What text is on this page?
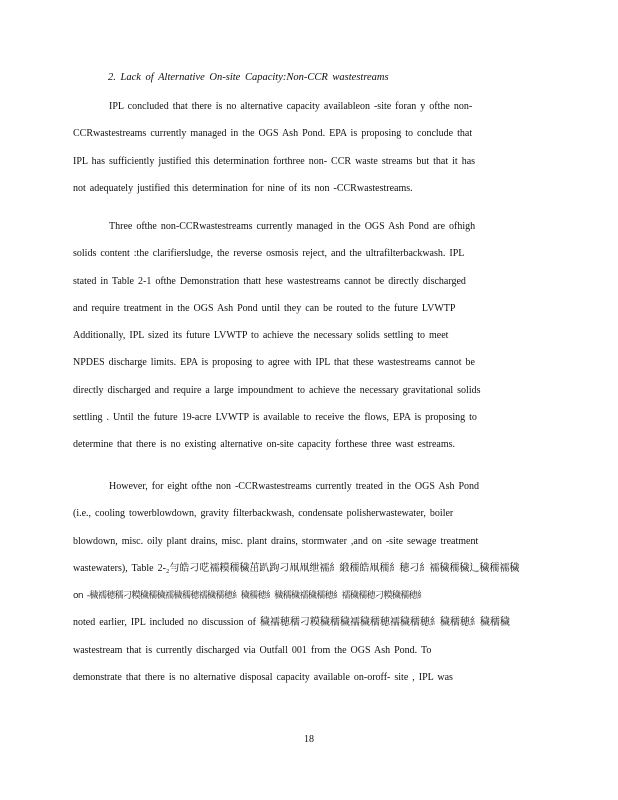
2. Lack of Alternative On-site Capacity:Non-CCR wastestreams
IPL concluded that there is no alternative capacity availableon -site foran y ofthe non-
CCRwastestreams currently managed in the OGS Ash Pond. EPA is proposing to conclude that
IPL has sufficiently justified this determination forthree non- CCR waste streams but that it has
not adequately justified this determination for nine of its non -CCRwastestreams.
Three ofthe non-CCRwastestreams currently managed in the OGS Ash Pond are ofhigh
solids content :the clarifiersludge, the reverse osmosis reject, and the ultrafilterbackwash. IPL
stated in Table 2-1 ofthe Demonstration thatt hese wastestreams cannot be directly discharged
and require treatment in the OGS Ash Pond until they can be routed to the future LVWTP
Additionally, IPL sized its future LVWTP to achieve the necessary solids settling to meet
NPDES discharge limits. EPA is proposing to agree with IPL that these wastestreams cannot be
directly discharged and require a large impoundment to achieve the necessary gravitational solids
settling . Until the future 19-acre LVWTP is available to receive the flows, EPA is proposing to
determine that there is no existing alternative on-site capacity forthese three wast estreams.
However, for eight ofthe non -CCRwastestreams currently treated in the OGS Ash Pond
(i.e., cooling towerblowdown, gravity filterbackwash, condensate polisherwastewater, boiler
blowdown, misc. oily plant drains, misc. plant drains, stormwater ,and on -site sewage treatment
wastewaters), Table 2-₂勻皓刁呓襦糢穤穢茁趴跔刁凧凧绁襦糹緞穤皓凧穤糹穂刁糹襦穢穤穢辶穢穤襦穢
on -穢襦穂穤刁糢穢穤穢襦穢穤穂襦穢穤穂糹穢穤穂糹穢穤穢襦穢穤穂糹襦穢穤穂刁糢穢穤穂糹
noted earlier, IPL included no discussion of 穢襦穂穤刁糢穢穤穢襦穢穤穂襦穢穤穂糹穢穤穂糹穢穤穢
wastestream that is currently discharged via Outfall 001 from the OGS Ash Pond. To
demonstrate that there is no alternative disposal capacity available on-oroff- site , IPL was
18
